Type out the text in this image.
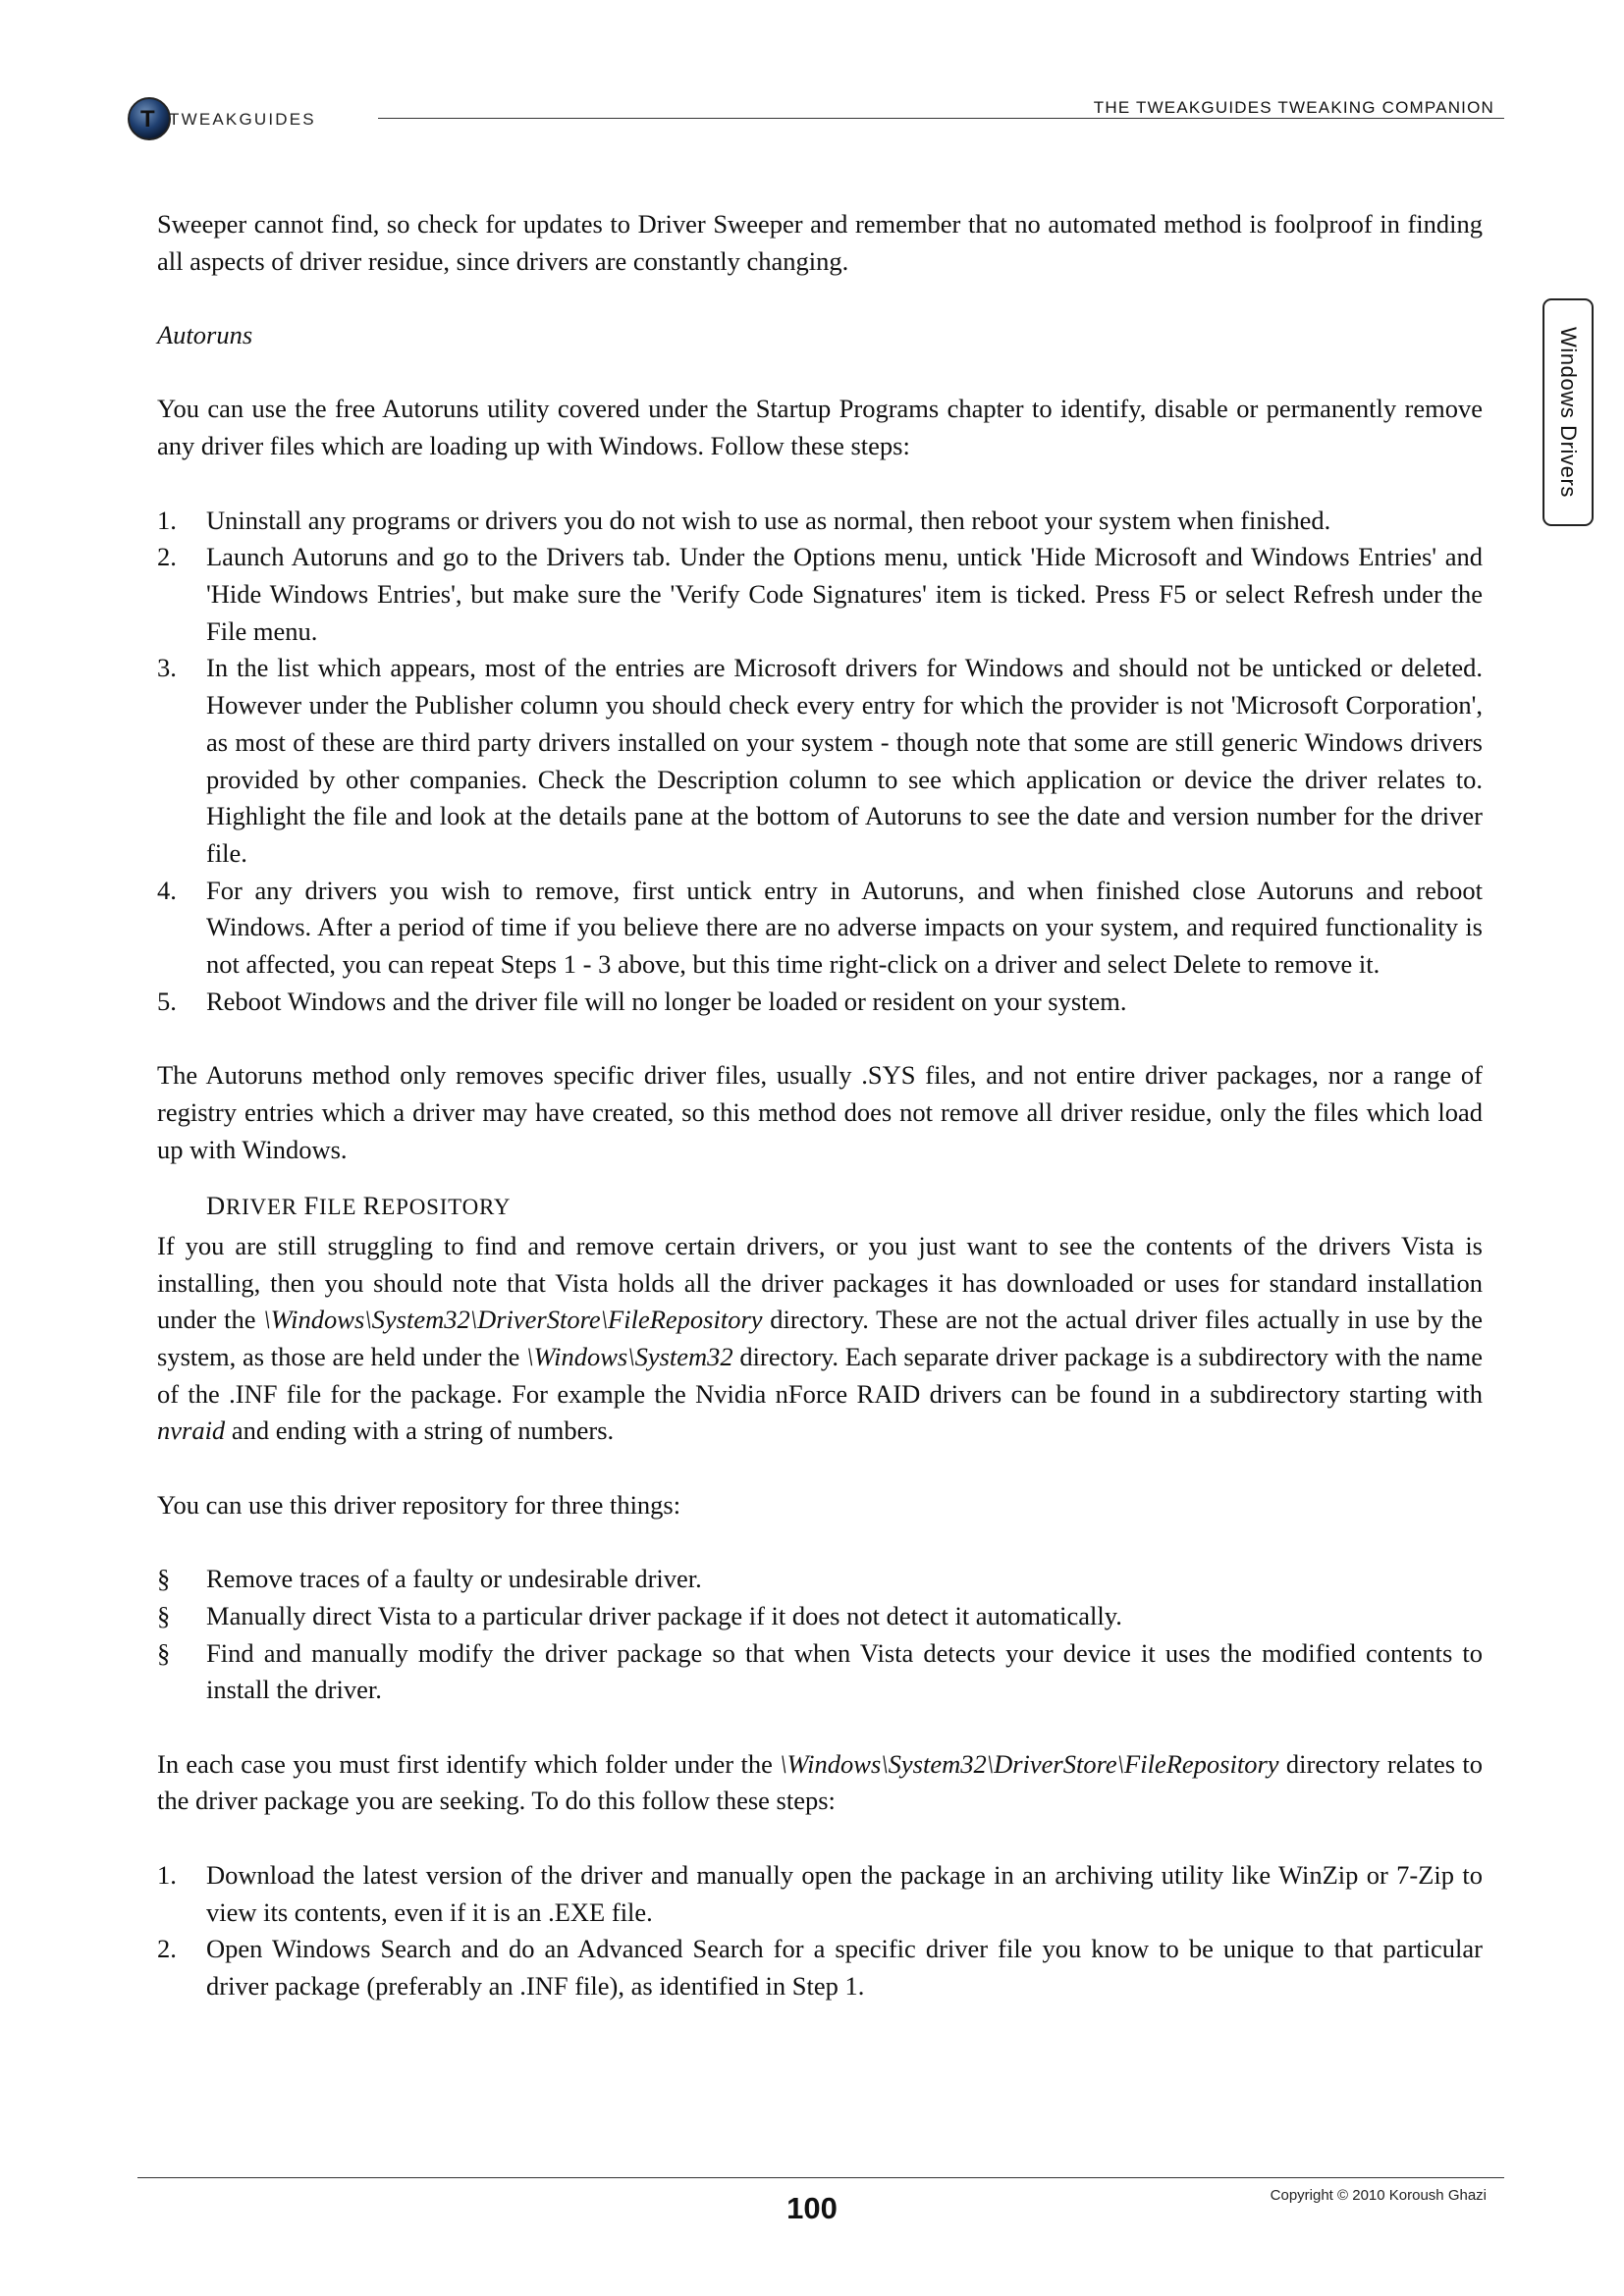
T TWEAKGUIDES
THE TWEAKGUIDES TWEAKING COMPANION
Windows Drivers

Sweeper cannot find, so check for updates to Driver Sweeper and remember that no automated method is foolproof in finding all aspects of driver residue, since drivers are constantly changing.

Autoruns

You can use the free Autoruns utility covered under the Startup Programs chapter to identify, disable or permanently remove any driver files which are loading up with Windows. Follow these steps:

1. Uninstall any programs or drivers you do not wish to use as normal, then reboot your system when finished.
2. Launch Autoruns and go to the Drivers tab. Under the Options menu, untick 'Hide Microsoft and Windows Entries' and 'Hide Windows Entries', but make sure the 'Verify Code Signatures' item is ticked. Press F5 or select Refresh under the File menu.
3. In the list which appears, most of the entries are Microsoft drivers for Windows and should not be unticked or deleted. However under the Publisher column you should check every entry for which the provider is not 'Microsoft Corporation', as most of these are third party drivers installed on your system - though note that some are still generic Windows drivers provided by other companies. Check the Description column to see which application or device the driver relates to. Highlight the file and look at the details pane at the bottom of Autoruns to see the date and version number for the driver file.
4. For any drivers you wish to remove, first untick entry in Autoruns, and when finished close Autoruns and reboot Windows. After a period of time if you believe there are no adverse impacts on your system, and required functionality is not affected, you can repeat Steps 1 - 3 above, but this time right-click on a driver and select Delete to remove it.
5. Reboot Windows and the driver file will no longer be loaded or resident on your system.

The Autoruns method only removes specific driver files, usually .SYS files, and not entire driver packages, nor a range of registry entries which a driver may have created, so this method does not remove all driver residue, only the files which load up with Windows.

DRIVER FILE REPOSITORY

If you are still struggling to find and remove certain drivers, or you just want to see the contents of the drivers Vista is installing, then you should note that Vista holds all the driver packages it has downloaded or uses for standard installation under the \Windows\System32\DriverStore\FileRepository directory. These are not the actual driver files actually in use by the system, as those are held under the \Windows\System32 directory. Each separate driver package is a subdirectory with the name of the .INF file for the package. For example the Nvidia nForce RAID drivers can be found in a subdirectory starting with nvraid and ending with a string of numbers.

You can use this driver repository for three things:

§ Remove traces of a faulty or undesirable driver.
§ Manually direct Vista to a particular driver package if it does not detect it automatically.
§ Find and manually modify the driver package so that when Vista detects your device it uses the modified contents to install the driver.

In each case you must first identify which folder under the \Windows\System32\DriverStore\FileRepository directory relates to the driver package you are seeking. To do this follow these steps:

1. Download the latest version of the driver and manually open the package in an archiving utility like WinZip or 7-Zip to view its contents, even if it is an .EXE file.
2. Open Windows Search and do an Advanced Search for a specific driver file you know to be unique to that particular driver package (preferably an .INF file), as identified in Step 1.
Copyright © 2010 Koroush Ghazi
100
